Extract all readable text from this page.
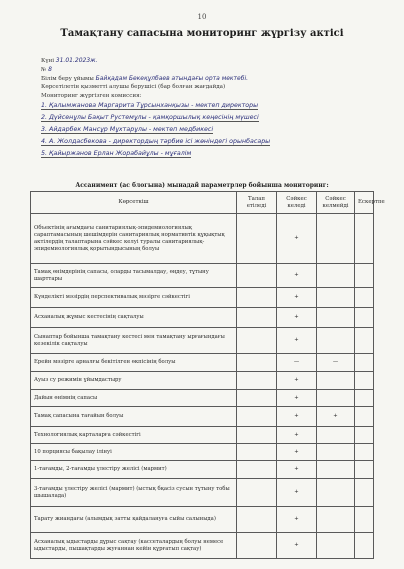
10
Тамақтану сапасына мониторинг жүргізу актісі
Күні 31.01.2023ж.
№ 8
Білім беру ұйымы Байқадам Бекеқұлбаев атындағы орта мектебі.
Көрсетілетін қызметті алушы берушісі (бар болған жағдайда)
Мониторинг жүргізген комиссия:
1. Қалымжанова Маргарита Тұрсынханқызы - мектеп директоры
2. Дүйсенұлы Бақыт Рустемұлы - қамқоршылық кеңесінің мүшесі
3. Айдарбек Мансұр Мұхтарұлы - мектеп медбикесі
4. А. Жолдасбекова - директордың тәрбие ісі жөніндегі орынбасары
5. Қайыржанов Ерлан Жорабайұлы - мұғалім
Ассанимент (ас блогына) мынадай параметрлер бойынша мониторинг:
Көрсеткіш	Талап етіледі	Сәйкес келеді	Сәйкес келмейді	Ескертпе
Объектінің ағымдағы санитариялық-эпидемиологиялық сараптамасының шешімдерін санитариялық нормативтік құқықтық актілердің талаптарына сәйкес келуі туралы санитариялық-эпидемиологиялық қорытындысының болуы		+		
Тамақ өнімдерінің сапасы, оларды тасымалдау, өңдеу, тұтыну шарттары		+		
Күнделікті мәзірдің перспективалық мәзірге сәйкестігі		+		
Асханалық жұмыс кестесінің сақталуы		+		
Сынаптар бойынша тамақтану кестесі мен тамақтану ырғағындағы кезекілік сақталуы		+		
Ерейн мәзірге арналғы бекітілген өкпісінің болуы		—	—	
Ауыз су режимін ұйымдастыру		+		
Дайын өнімнің сапасы		+		
Тамақ сапасына тағайын болуы		+	+	
Технологиялық карталарға сәйкестігі		+		
10 порциясы бақылау ілінуі		+		
1-тағамды, 2-тағамды үлестіру желісі (мармит)		+		
3-тағамды үлестіру желісі (мармит) (ыстық бқасіз сусын тұтыну тобы шышалада)		+		
Тарату жиандағы (алымдық затты қайдалануға сыйы салыныда)		+		
Асханалық ыдыстарды дұрыс сақтау (кассеталардың болуы немесе ыдыстарды, пышақтарды жуғаннан кейін құрғатып сақтау)		+		
